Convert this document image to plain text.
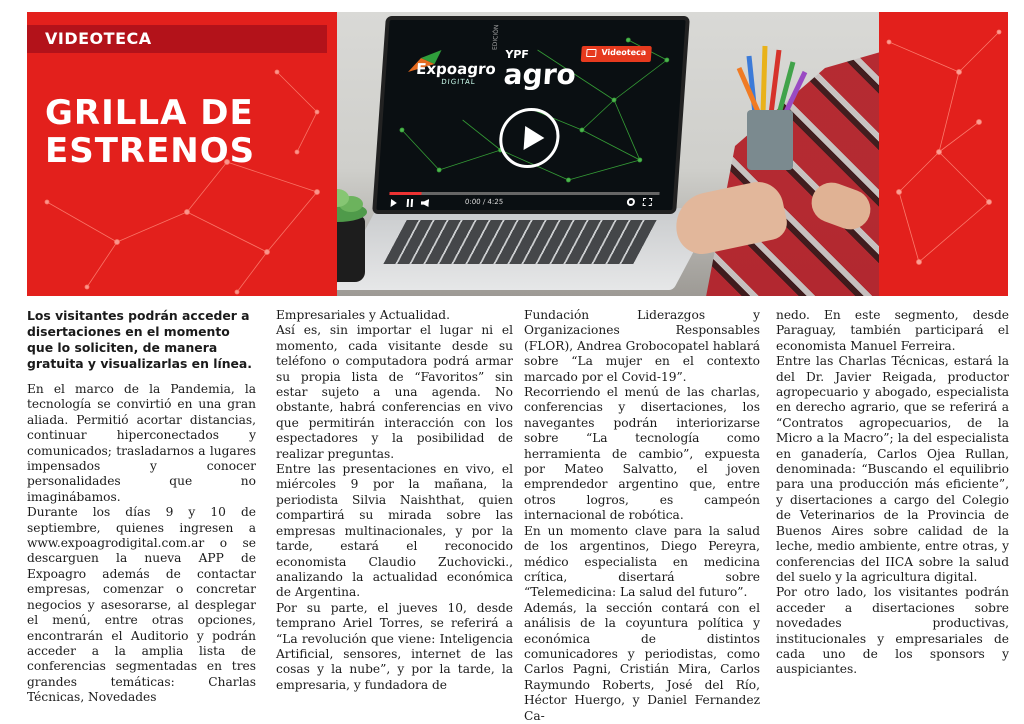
Expoagro
DIGITAL
EDICIÓN
YPF
agro
Videoteca
0:00 / 4:25
VIDEOTECA
GRILLA DE
ESTRENOS

Los visitantes podrán acceder a disertaciones en el momento que lo soliciten, de manera gratuita y visualizarlas en línea.

En el marco de la Pandemia, la tecnología se convirtió en una gran aliada. Permitió acortar distancias, continuar hiperconectados y comunicados; trasladarnos a lugares impensados y conocer personalidades que no imaginábamos.

Durante los días 9 y 10 de septiembre, quienes ingresen a www.expoagrodigital.com.ar o se descarguen la nueva APP de Expoagro además de contactar empresas, comenzar o concretar negocios y asesorarse, al desplegar el menú, entre otras opciones, encontrarán el Auditorio y podrán acceder a la amplia lista de conferencias segmentadas en tres grandes temáticas: Charlas Técnicas, Novedades

Empresariales y Actualidad.

Así es, sin importar el lugar ni el momento, cada visitante desde su teléfono o computadora podrá armar su propia lista de “Favoritos” sin estar sujeto a una agenda. No obstante, habrá conferencias en vivo que permitirán interacción con los espectadores y la posibilidad de realizar preguntas.

Entre las presentaciones en vivo, el miércoles 9 por la mañana, la periodista Silvia Naishthat, quien compartirá su mirada sobre las empresas multinacionales, y por la tarde, estará el reconocido economista Claudio Zuchovicki., analizando la actualidad económica de Argentina.

Por su parte, el jueves 10, desde temprano Ariel Torres, se referirá a “La revolución que viene: Inteligencia Artificial, sensores, internet de las cosas y la nube”, y por la tarde, la empresaria, y fundadora de

Fundación Liderazgos y Organizaciones Responsables (FLOR), Andrea Grobocopatel hablará sobre “La mujer en el contexto marcado por el Covid-19”.

Recorriendo el menú de las charlas, conferencias y disertaciones, los navegantes podrán interiorizarse sobre “La tecnología como herramienta de cambio”, expuesta por Mateo Salvatto, el joven emprendedor argentino que, entre otros logros, es campeón internacional de robótica.

En un momento clave para la salud de los argentinos, Diego Pereyra, médico especialista en medicina crítica, disertará sobre “Telemedicina: La salud del futuro”.

Además, la sección contará con el análisis de la coyuntura política y económica de distintos comunicadores y periodistas, como Carlos Pagni, Cristián Mira, Carlos Raymundo Roberts, José del Río, Héctor Huergo, y Daniel Fernandez Ca-

nedo. En este segmento, desde Paraguay, también participará el economista Manuel Ferreira.

Entre las Charlas Técnicas, estará la del Dr. Javier Reigada, productor agropecuario y abogado, especialista en derecho agrario, que se referirá a “Contratos agropecuarios, de la Micro a la Macro”; la del especialista en ganadería, Carlos Ojea Rullan, denominada: “Buscando el equilibrio para una producción más eficiente”, y disertaciones a cargo del Colegio de Veterinarios de la Provincia de Buenos Aires sobre calidad de la leche, medio ambiente, entre otras, y conferencias del IICA sobre la salud del suelo y la agricultura digital.

Por otro lado, los visitantes podrán acceder a disertaciones sobre novedades productivas, institucionales y empresariales de cada uno de los sponsors y auspiciantes.
